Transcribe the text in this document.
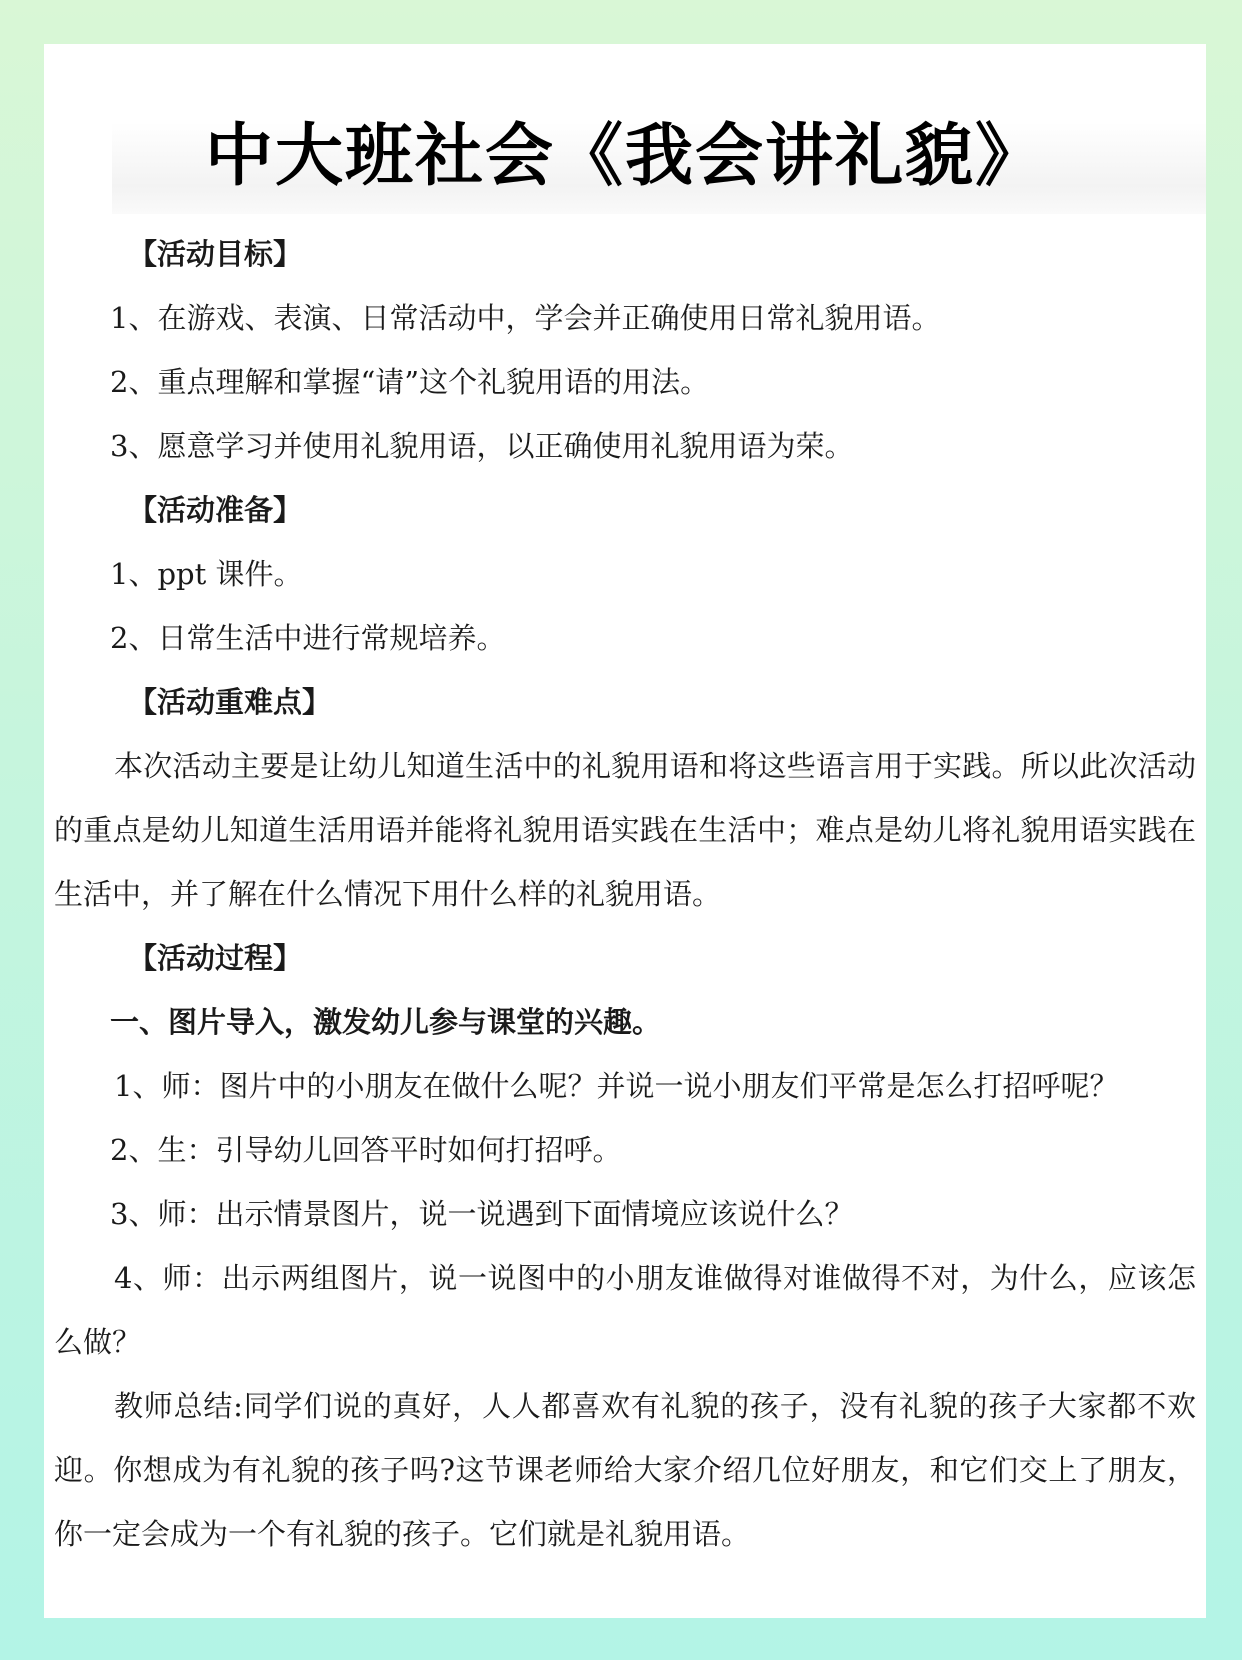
中大班社会《我会讲礼貌》

【活动目标】

1、在游戏、表演、日常活动中，学会并正确使用日常礼貌用语。

2、重点理解和掌握“请”这个礼貌用语的用法。

3、愿意学习并使用礼貌用语，以正确使用礼貌用语为荣。

【活动准备】

1、ppt 课件。

2、日常生活中进行常规培养。

【活动重难点】

本次活动主要是让幼儿知道生活中的礼貌用语和将这些语言用于实践。所以此次活动的重点是幼儿知道生活用语并能将礼貌用语实践在生活中；难点是幼儿将礼貌用语实践在生活中，并了解在什么情况下用什么样的礼貌用语。

【活动过程】

一、图片导入，激发幼儿参与课堂的兴趣。

1、师：图片中的小朋友在做什么呢？并说一说小朋友们平常是怎么打招呼呢？

2、生：引导幼儿回答平时如何打招呼。

3、师：出示情景图片，说一说遇到下面情境应该说什么？

4、师：出示两组图片，说一说图中的小朋友谁做得对谁做得不对，为什么，应该怎么做？

教师总结:同学们说的真好，人人都喜欢有礼貌的孩子，没有礼貌的孩子大家都不欢迎。你想成为有礼貌的孩子吗?这节课老师给大家介绍几位好朋友，和它们交上了朋友，你一定会成为一个有礼貌的孩子。它们就是礼貌用语。
